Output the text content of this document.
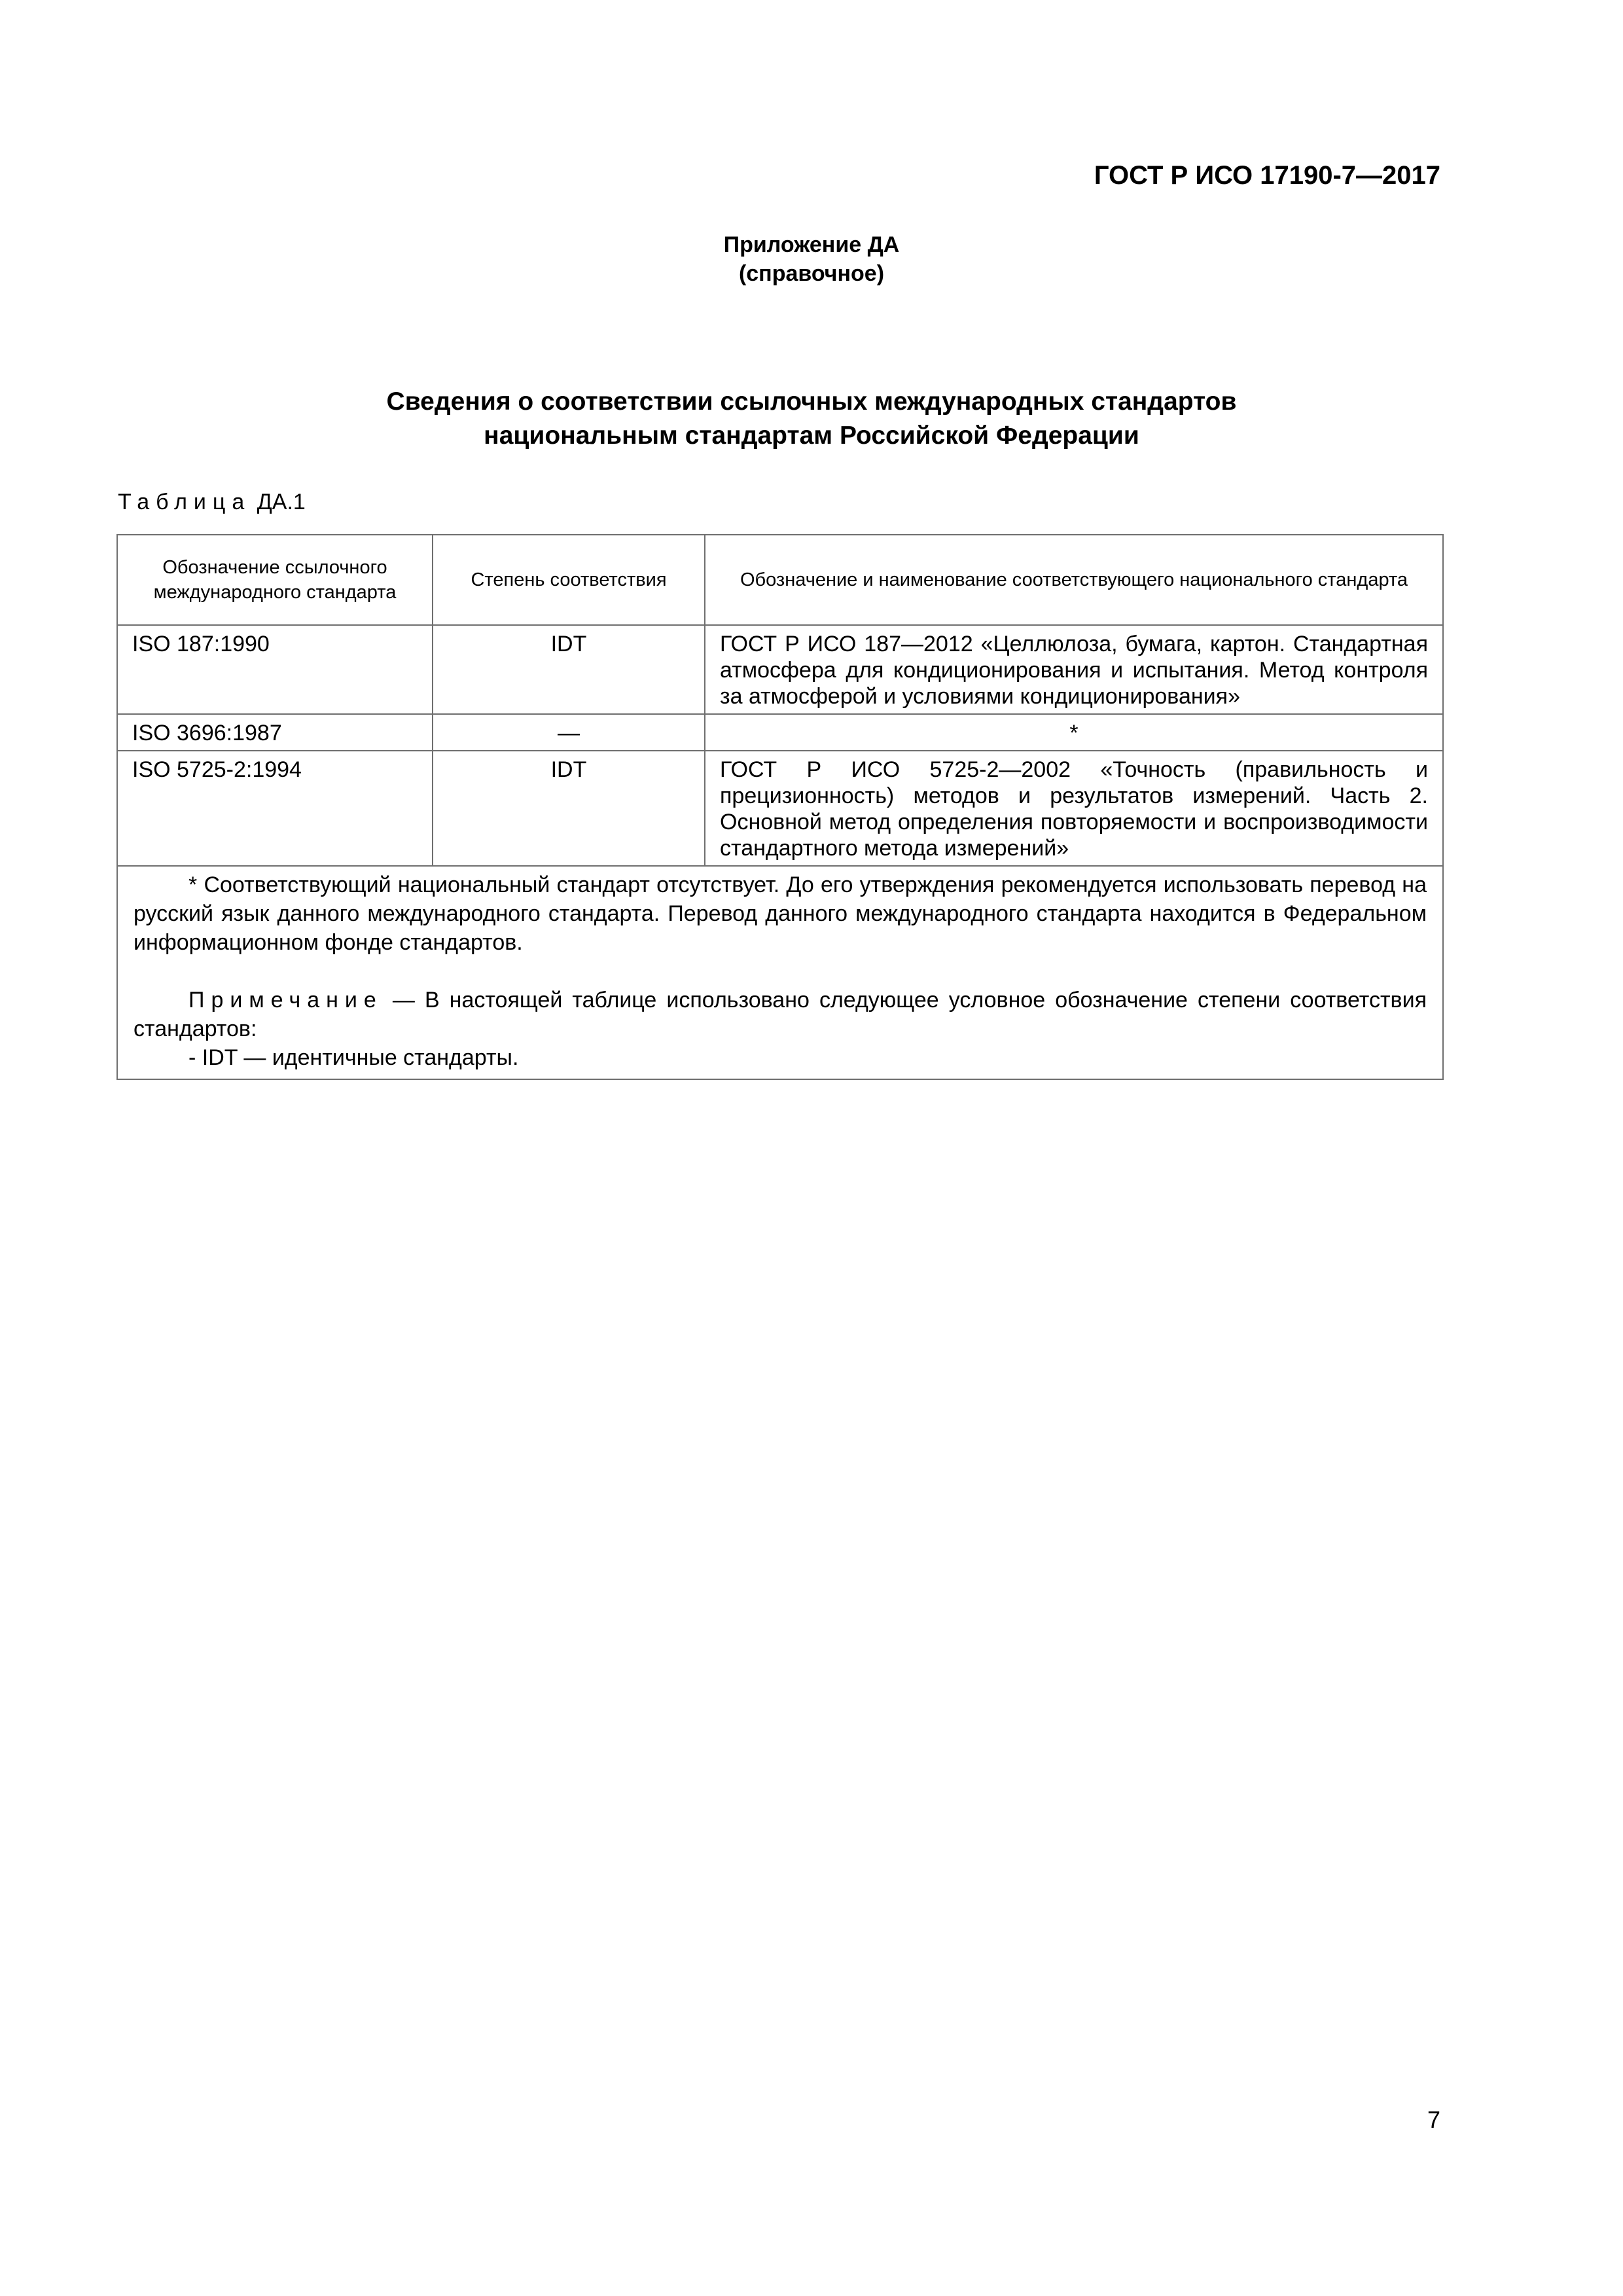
ГОСТ Р ИСО 17190-7—2017
Приложение ДА
(справочное)
Сведения о соответствии ссылочных международных стандартов
национальным стандартам Российской Федерации
Таблица ДА.1
Обозначение ссылочного международного стандарта	Степень соответствия	Обозначение и наименование соответствующего национального стандарта
ISO 187:1990	IDT	ГОСТ Р ИСО 187—2012 «Целлюлоза, бумага, картон. Стандартная атмосфера для кондиционирования и испытания. Метод контроля за атмосферой и условиями кондиционирования»
ISO 3696:1987	—	*
ISO 5725-2:1994	IDT	ГОСТ Р ИСО 5725-2—2002 «Точность (правильность и прецизионность) методов и результатов измерений. Часть 2. Основной метод определения повторяемости и воспроизводимости стандартного метода измерений»

* Соответствующий национальный стандарт отсутствует. До его утверждения рекомендуется использовать перевод на русский язык данного международного стандарта. Перевод данного международного стандарта находится в Федеральном информационном фонде стандартов.

Примечание — В настоящей таблице использовано следующее условное обозначение степени соответствия стандартов:

- IDT — идентичные стандарты.		

7
